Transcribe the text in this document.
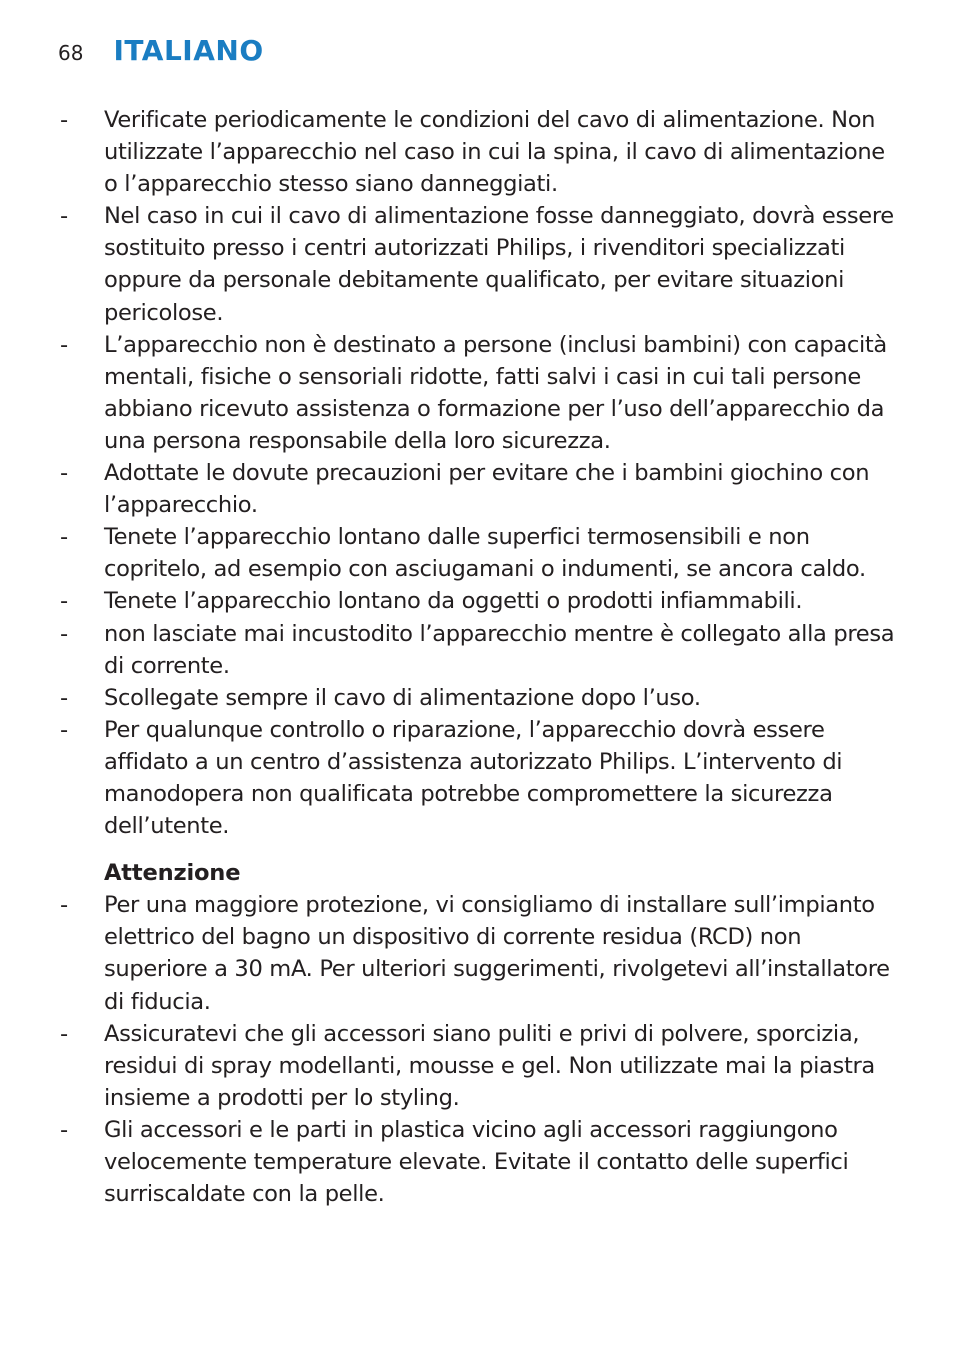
68 ITALIANO
-	Verificate periodicamente le condizioni del cavo di alimentazione. Non utilizzate l’apparecchio nel caso in cui la spina, il cavo di alimentazione o l’apparecchio stesso siano danneggiati.
-	Nel caso in cui il cavo di alimentazione fosse danneggiato, dovrà essere sostituito presso i centri autorizzati Philips, i rivenditori specializzati oppure da personale debitamente qualificato, per evitare situazioni pericolose.
-	L’apparecchio non è destinato a persone (inclusi bambini) con capacità mentali, fisiche o sensoriali ridotte, fatti salvi i casi in cui tali persone abbiano ricevuto assistenza o formazione per l’uso dell’apparecchio da una persona responsabile della loro sicurezza.
-	Adottate le dovute precauzioni per evitare che i bambini giochino con l’apparecchio.
-	Tenete l’apparecchio lontano dalle superfici termosensibili e non copritelo, ad esempio con asciugamani o indumenti, se ancora caldo.
-	Tenete l’apparecchio lontano da oggetti o prodotti infiammabili.
-	non lasciate mai incustodito l’apparecchio mentre è collegato alla presa di corrente.
-	Scollegate sempre il cavo di alimentazione dopo l’uso.
-	Per qualunque controllo o riparazione, l’apparecchio dovrà essere affidato a un centro d’assistenza autorizzato Philips. L’intervento di manodopera non qualificata potrebbe compromettere la sicurezza dell’utente.
Attenzione
-	Per una maggiore protezione, vi consigliamo di installare sull’impianto elettrico del bagno un dispositivo di corrente residua (RCD) non superiore a 30 mA. Per ulteriori suggerimenti, rivolgetevi all’installatore di fiducia.
-	Assicuratevi che gli accessori siano puliti e privi di polvere, sporcizia, residui di spray modellanti, mousse e gel. Non utilizzate mai la piastra insieme a prodotti per lo styling.
-	Gli accessori e le parti in plastica vicino agli accessori raggiungono velocemente temperature elevate. Evitate il contatto delle superfici surriscaldate con la pelle.
